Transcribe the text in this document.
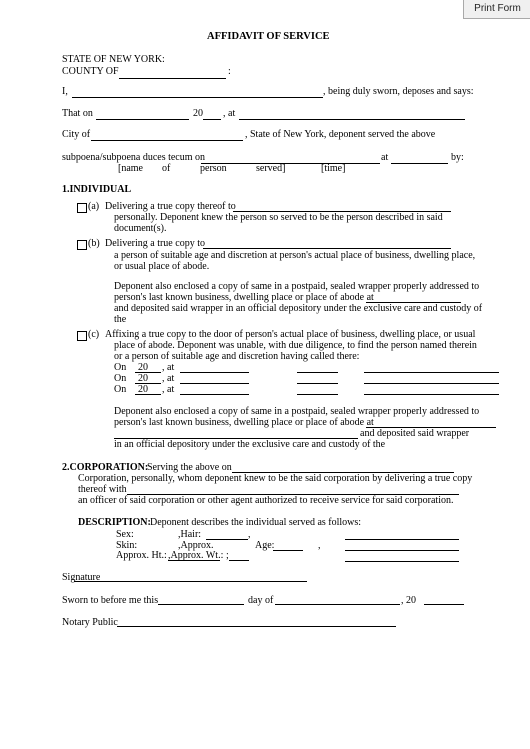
Print Form
AFFIDAVIT OF SERVICE
STATE OF NEW YORK:
COUNTY OF	:
I,	, being duly sworn, deposes and says:
That on	20 , at
City of	, State of New York, deponent served the above
subpoena/subpoena duces tecum on	at	by:
[name of	person	served]	[time]
1.INDIVIDUAL
(a) Delivering a true copy thereof to
personally. Deponent knew the person so served to be the person described in said
document(s).
(b) Delivering a true copy to
a person of suitable age and discretion at person's actual place of business, dwelling place,
or usual place of abode.
Deponent also enclosed a copy of same in a postpaid, sealed wrapper properly addressed to
person's last known business, dwelling place or place of abode at
and deposited said wrapper in an official depository under the exclusive care and custody of
the
(c) Affixing a true copy to the door of person's actual place of business, dwelling place, or usual
place of abode. Deponent was unable, with due diligence, to find the person named therein
or a person of suitable age and discretion having called there:
On 20 , at
On 20 , at
On 20 , at
Deponent also enclosed a copy of same in a postpaid, sealed wrapper properly addressed to
person's last known business, dwelling place or place of abode at
and deposited said wrapper
in an official depository under the exclusive care and custody of the
2.CORPORATION:
Serving the above on
Corporation, personally, whom deponent knew to be the said corporation by delivering a true copy
thereof with
an officer of said corporation or other agent authorized to receive service for said corporation.
DESCRIPTION: Deponent describes the individual served as follows:
Sex:	,Hair:	,
Skin:	,Approx.	Age:	,
Approx. Ht.: ,Approx. Wt.: ;
Signature
Sworn to before me this	day of	, 20
Notary Public
